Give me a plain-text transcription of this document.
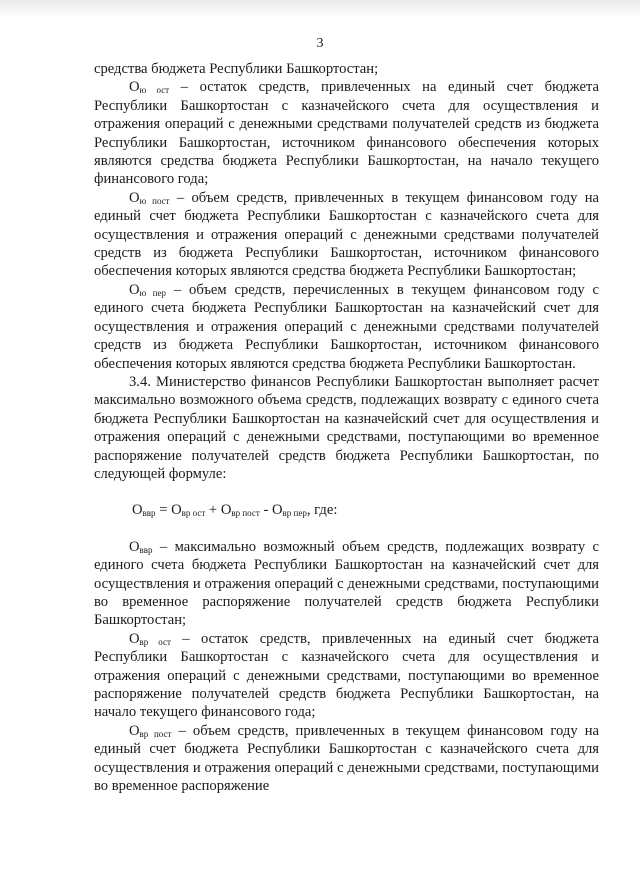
3

средства бюджета Республики Башкортостан;

$О_{ю ост}$ – остаток средств, привлеченных на единый счет бюджета Республики Башкортостан с казначейского счета для осуществления и отражения операций с денежными средствами получателей средств из бюджета Республики Башкортостан, источником финансового обеспечения которых являются средства бюджета Республики Башкортостан, на начало текущего финансового года;

$О_{ю пост}$ – объем средств, привлеченных в текущем финансовом году на единый счет бюджета Республики Башкортостан с казначейского счета для осуществления и отражения операций с денежными средствами получателей средств из бюджета Республики Башкортостан, источником финансового обеспечения которых являются средства бюджета Республики Башкортостан;

$О_{ю пер}$ – объем средств, перечисленных в текущем финансовом году с единого счета бюджета Республики Башкортостан на казначейский счет для осуществления и отражения операций с денежными средствами получателей средств из бюджета Республики Башкортостан, источником финансового обеспечения которых являются средства бюджета Республики Башкортостан.

3.4. Министерство финансов Республики Башкортостан выполняет расчет максимально возможного объема средств, подлежащих возврату с единого счета бюджета Республики Башкортостан на казначейский счет для осуществления и отражения операций с денежными средствами, поступающими во временное распоряжение получателей средств бюджета Республики Башкортостан, по следующей формуле:

$О_{ввр} = О_{вр ост} + О_{вр пост} - О_{вр пер}$, где:

$О_{ввр}$ – максимально возможный объем средств, подлежащих возврату с единого счета бюджета Республики Башкортостан на казначейский счет для осуществления и отражения операций с денежными средствами, поступающими во временное распоряжение получателей средств бюджета Республики Башкортостан;

$О_{вр ост}$ – остаток средств, привлеченных на единый счет бюджета Республики Башкортостан с казначейского счета для осуществления и отражения операций с денежными средствами, поступающими во временное распоряжение получателей средств бюджета Республики Башкортостан, на начало текущего финансового года;

$О_{вр пост}$ – объем средств, привлеченных в текущем финансовом году на единый счет бюджета Республики Башкортостан с казначейского счета для осуществления и отражения операций с денежными средствами, поступающими во временное распоряжение
